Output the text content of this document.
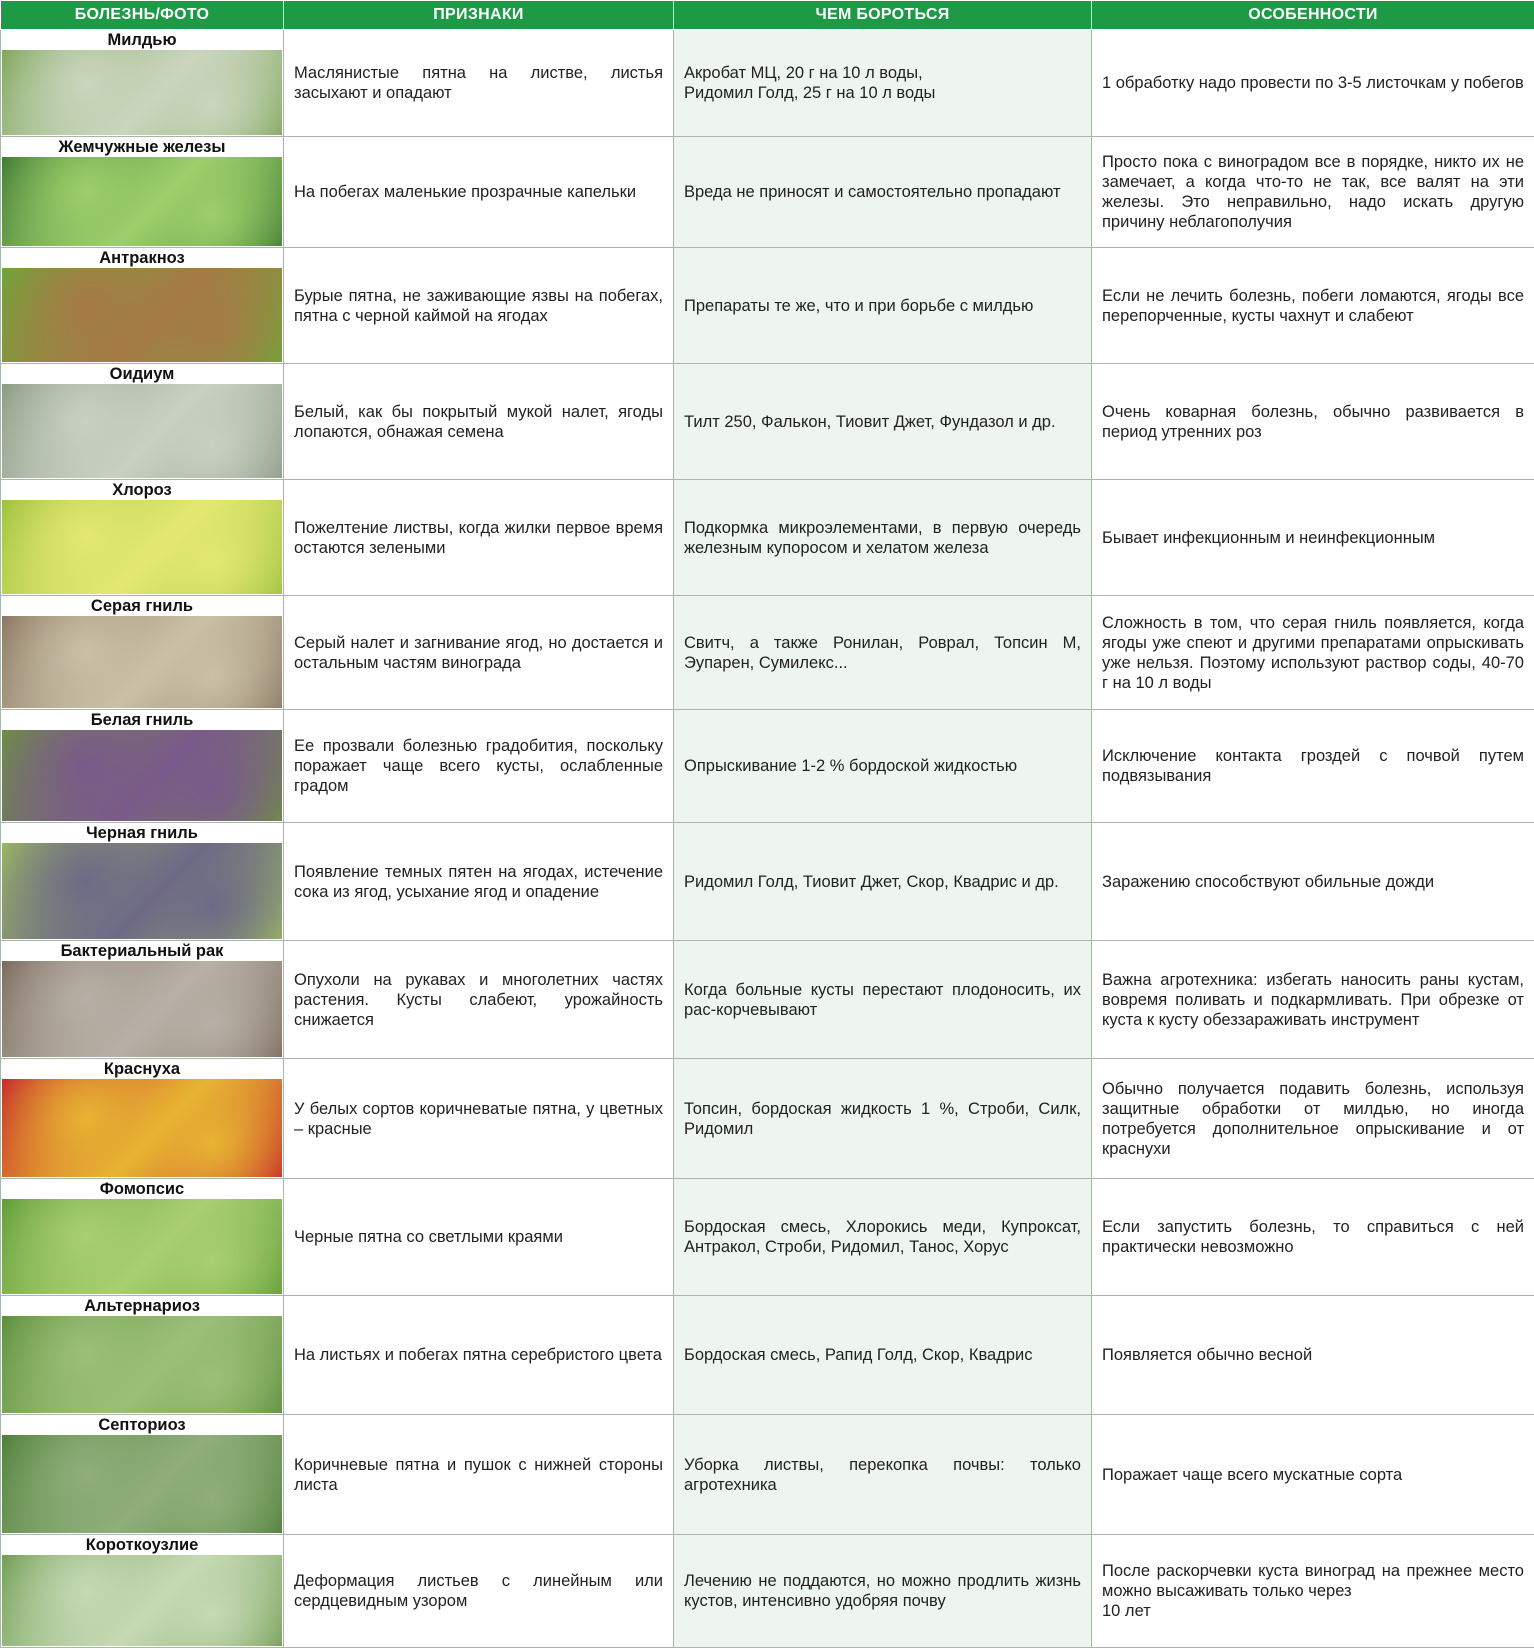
БОЛЕЗНЬ/ФОТО	ПРИЗНАКИ	ЧЕМ БОРОТЬСЯ	ОСОБЕННОСТИ

Милдью	Маслянистые пятна на листве, листья засыхают и опадают	Акробат МЦ, 20 г на 10 л воды,
Ридомил Голд, 25 г на 10 л воды	1 обработку надо провести по 3-5 листочкам у побегов

Жемчужные железы	На побегах маленькие прозрачные капельки	Вреда не приносят и самостоятельно пропадают	Просто пока с виноградом все в порядке, никто их не замечает, а когда что-то не так, все валят на эти железы. Это неправильно, надо искать другую причину неблагополучия

Антракноз	Бурые пятна, не заживающие язвы на побегах, пятна с черной каймой на ягодах	Препараты те же, что и при борьбе с милдью	Если не лечить болезнь, побеги ломаются, ягоды все перепорченные, кусты чахнут и слабеют

Оидиум	Белый, как бы покрытый мукой налет, ягоды лопаются, обнажая семена	Тилт 250, Фалькон, Тиовит Джет, Фундазол и др.	Очень коварная болезнь, обычно развивается в период утренних роз

Хлороз	Пожелтение листвы, когда жилки первое время остаются зелеными	Подкормка микроэлементами, в первую очередь железным купоросом и хелатом железа	Бывает инфекционным и неинфекционным

Серая гниль	Серый налет и загнивание ягод, но достается и остальным частям винограда	Свитч, а также Ронилан, Роврал, Топсин М, Эупарен, Сумилекс...	Сложность в том, что серая гниль появляется, когда ягоды уже спеют и другими препаратами опрыскивать уже нельзя. Поэтому используют раствор соды, 40-70 г на 10 л воды

Белая гниль	Ее прозвали болезнью градобития, поскольку поражает чаще всего кусты, ослабленные градом	Опрыскивание 1-2 % бордоской жидкостью	Исключение контакта гроздей с почвой путем подвязывания

Черная гниль	Появление темных пятен на ягодах, истечение сока из ягод, усыхание ягод и опадение	Ридомил Голд, Тиовит Джет, Скор, Квадрис и др.	Заражению способствуют обильные дожди

Бактериальный рак	Опухоли на рукавах и многолетних частях растения. Кусты слабеют, урожайность снижается	Когда больные кусты перестают плодоносить, их рас-корчевывают	Важна агротехника: избегать наносить раны кустам, вовремя поливать и подкармливать. При обрезке от куста к кусту обеззараживать инструмент

Краснуха	У белых сортов коричневатые пятна, у цветных – красные	Топсин, бордоская жидкость 1 %, Строби, Силк, Ридомил	Обычно получается подавить болезнь, используя защитные обработки от милдью, но иногда потребуется дополнительное опрыскивание и от краснухи

Фомопсис	Черные пятна со светлыми краями	Бордоская смесь, Хлорокись меди, Купроксат, Антракол, Строби, Ридомил, Танос, Хорус	Если запустить болезнь, то справиться с ней практически невозможно

Альтернариоз	На листьях и побегах пятна серебристого цвета	Бордоская смесь, Рапид Голд, Скор, Квадрис	Появляется обычно весной

Септориоз	Коричневые пятна и пушок с нижней стороны листа	Уборка листвы, перекопка почвы: только агротехника	Поражает чаще всего мускатные сорта

Короткоузлие	Деформация листьев с линейным или сердцевидным узором	Лечению не поддаются, но можно продлить жизнь кустов, интенсивно удобряя почву	После раскорчевки куста виноград на прежнее место можно высаживать только через
10 лет
